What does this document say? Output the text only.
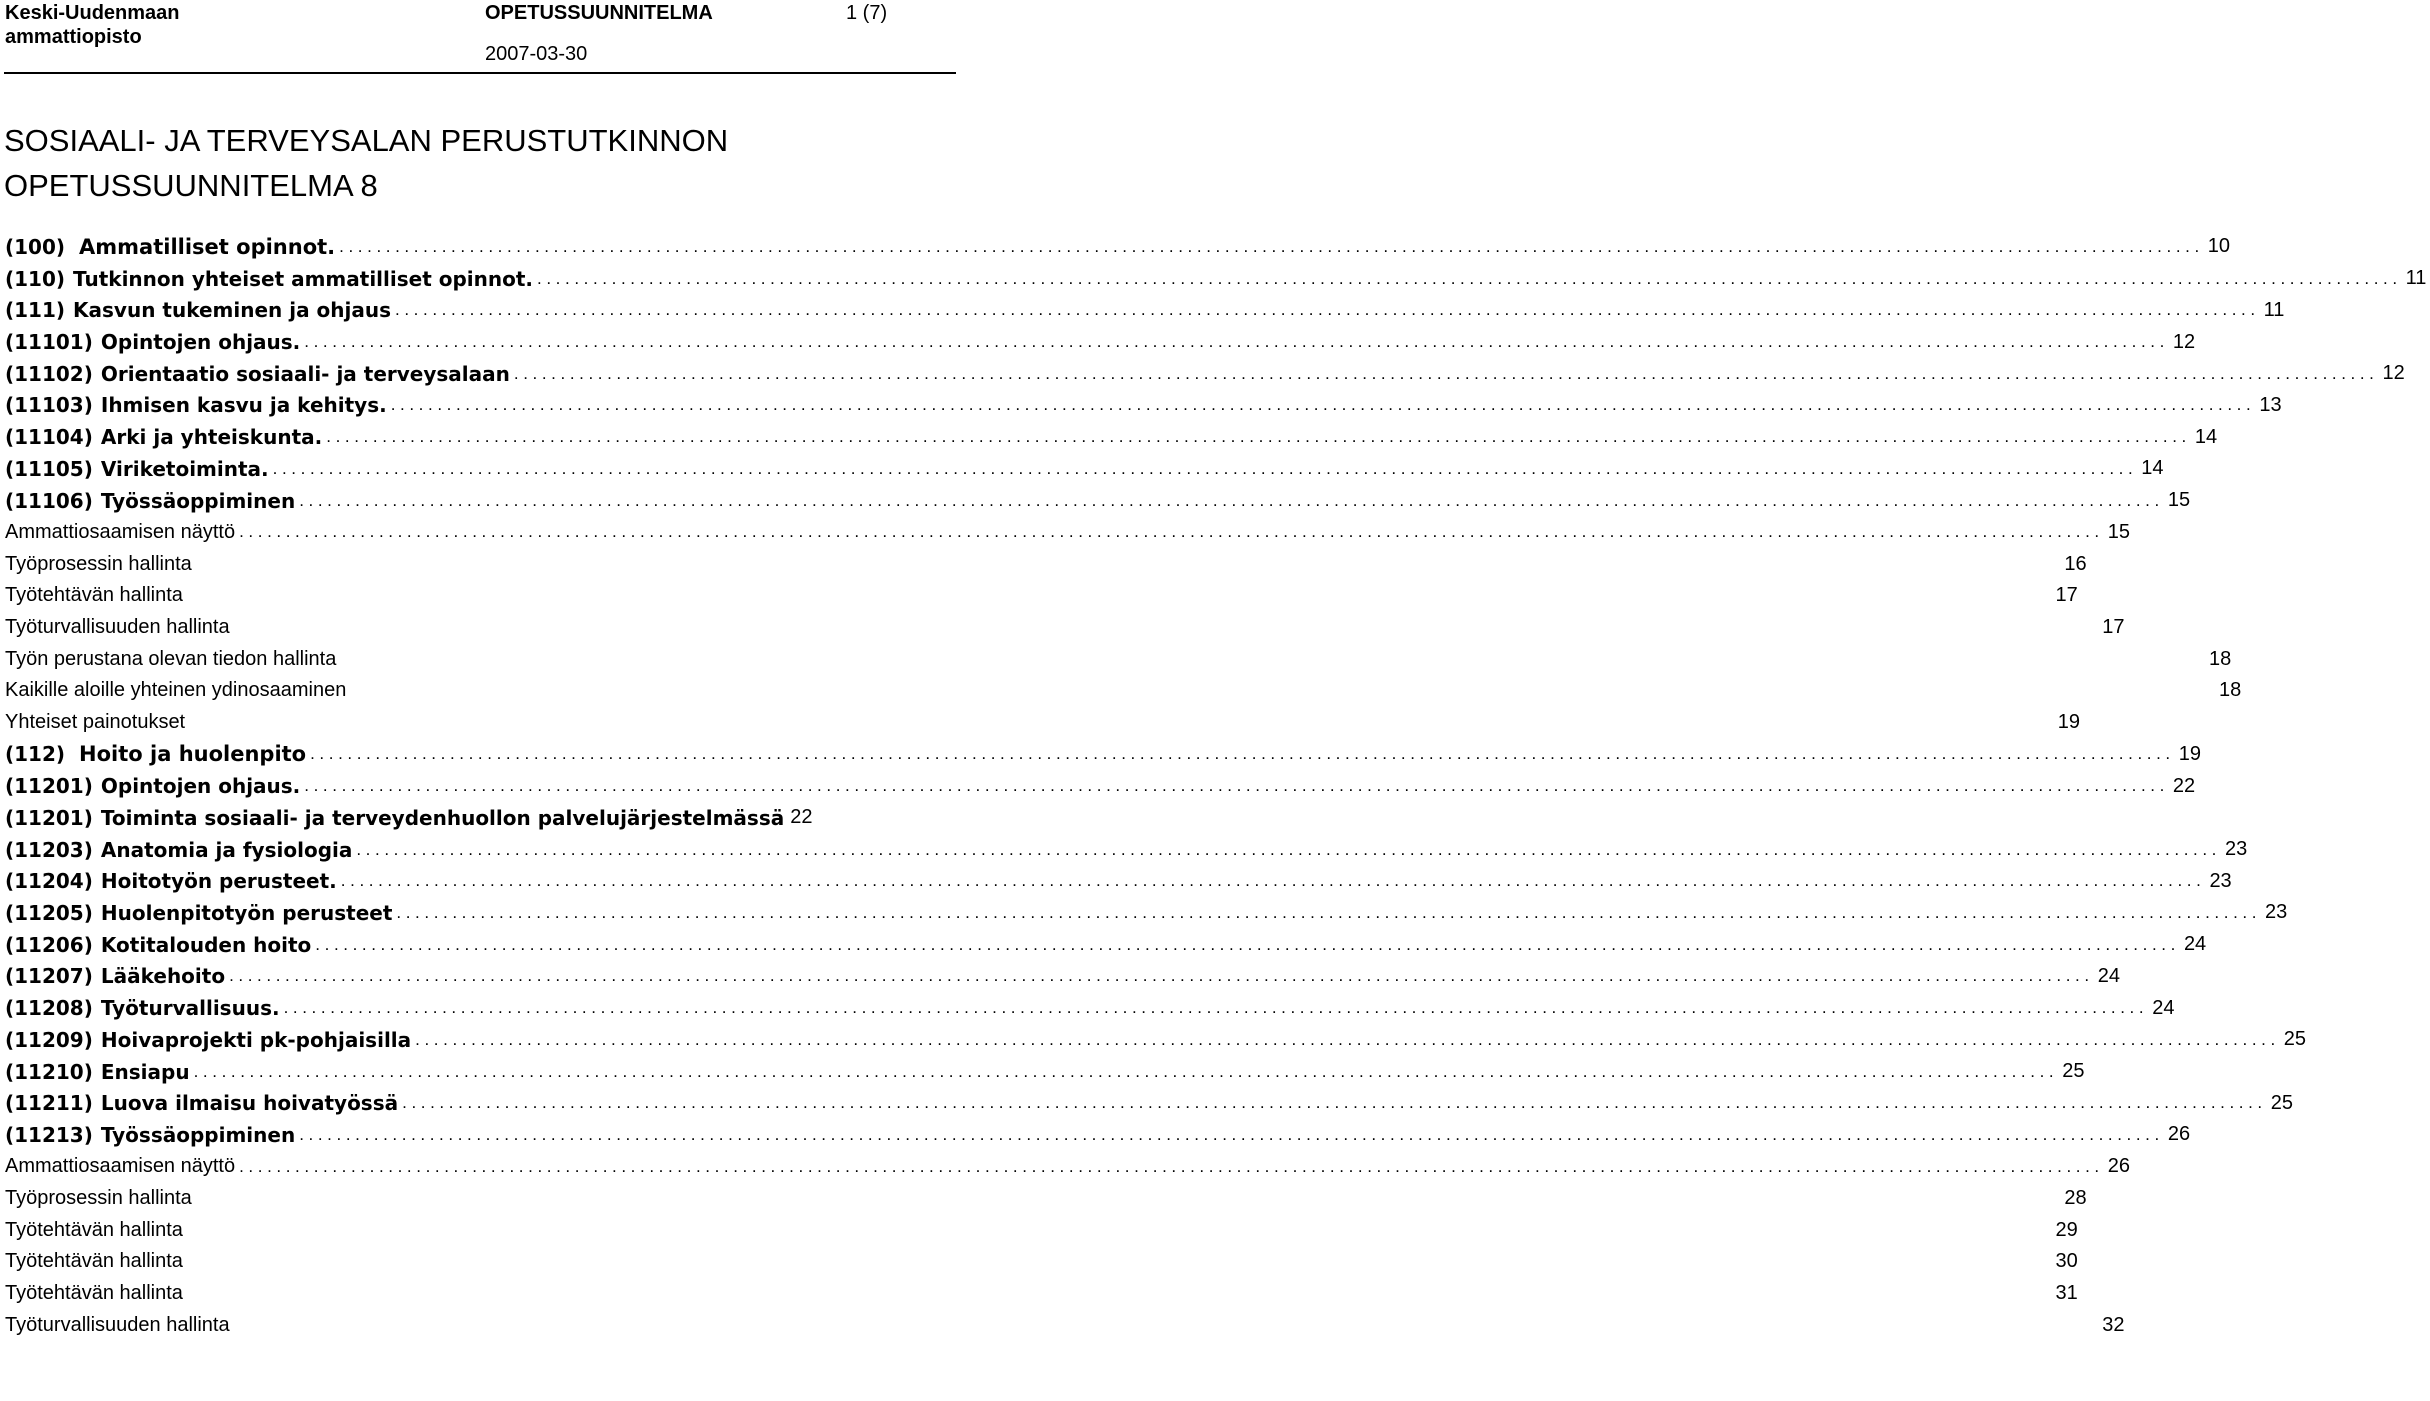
Keski-Uudenmaan
ammattiopisto
OPETUSSUUNNITELMA	1 (7)
2007-03-30
SOSIAALI- JA TERVEYSALAN PERUSTUTKINNON
OPETUSSUUNNITELMA 8
(100) Ammatilliset opinnot. ........................................................................................................................................................................................................ 10
(110) Tutkinnon yhteiset ammatilliset opinnot. ........................................................................................................................................................................................................ 11
(111) Kasvun tukeminen ja ohjaus ........................................................................................................................................................................................................ 11
(11101) Opintojen ohjaus. ........................................................................................................................................................................................................ 12
(11102) Orientaatio sosiaali- ja terveysalaan ........................................................................................................................................................................................................ 12
(11103) Ihmisen kasvu ja kehitys. ........................................................................................................................................................................................................ 13
(11104) Arki ja yhteiskunta. ........................................................................................................................................................................................................ 14
(11105) Viriketoiminta. ........................................................................................................................................................................................................ 14
(11106) Työssäoppiminen ........................................................................................................................................................................................................ 15
Ammattiosaamisen näyttö ........................................................................................................................................................................................................ 15
Työprosessin hallinta	16
Työtehtävän hallinta	17
Työturvallisuuden hallinta	17
Työn perustana olevan tiedon hallinta	18
Kaikille aloille yhteinen ydinosaaminen	18
Yhteiset painotukset	19
(112) Hoito ja huolenpito ........................................................................................................................................................................................................ 19
(11201) Opintojen ohjaus. ........................................................................................................................................................................................................ 22
(11201) Toiminta sosiaali- ja terveydenhuollon palvelujärjestelmässä 22
(11203) Anatomia ja fysiologia ........................................................................................................................................................................................................ 23
(11204) Hoitotyön perusteet. ........................................................................................................................................................................................................ 23
(11205) Huolenpitotyön perusteet ........................................................................................................................................................................................................ 23
(11206) Kotitalouden hoito ........................................................................................................................................................................................................ 24
(11207) Lääkehoito ........................................................................................................................................................................................................ 24
(11208) Työturvallisuus. ........................................................................................................................................................................................................ 24
(11209) Hoivaprojekti pk-pohjaisilla ........................................................................................................................................................................................................ 25
(11210) Ensiapu ........................................................................................................................................................................................................ 25
(11211) Luova ilmaisu hoivatyössä ........................................................................................................................................................................................................ 25
(11213) Työssäoppiminen ........................................................................................................................................................................................................ 26
Ammattiosaamisen näyttö ........................................................................................................................................................................................................ 26
Työprosessin hallinta	28
Työtehtävän hallinta	29
Työtehtävän hallinta	30
Työtehtävän hallinta	31
Työturvallisuuden hallinta	32
